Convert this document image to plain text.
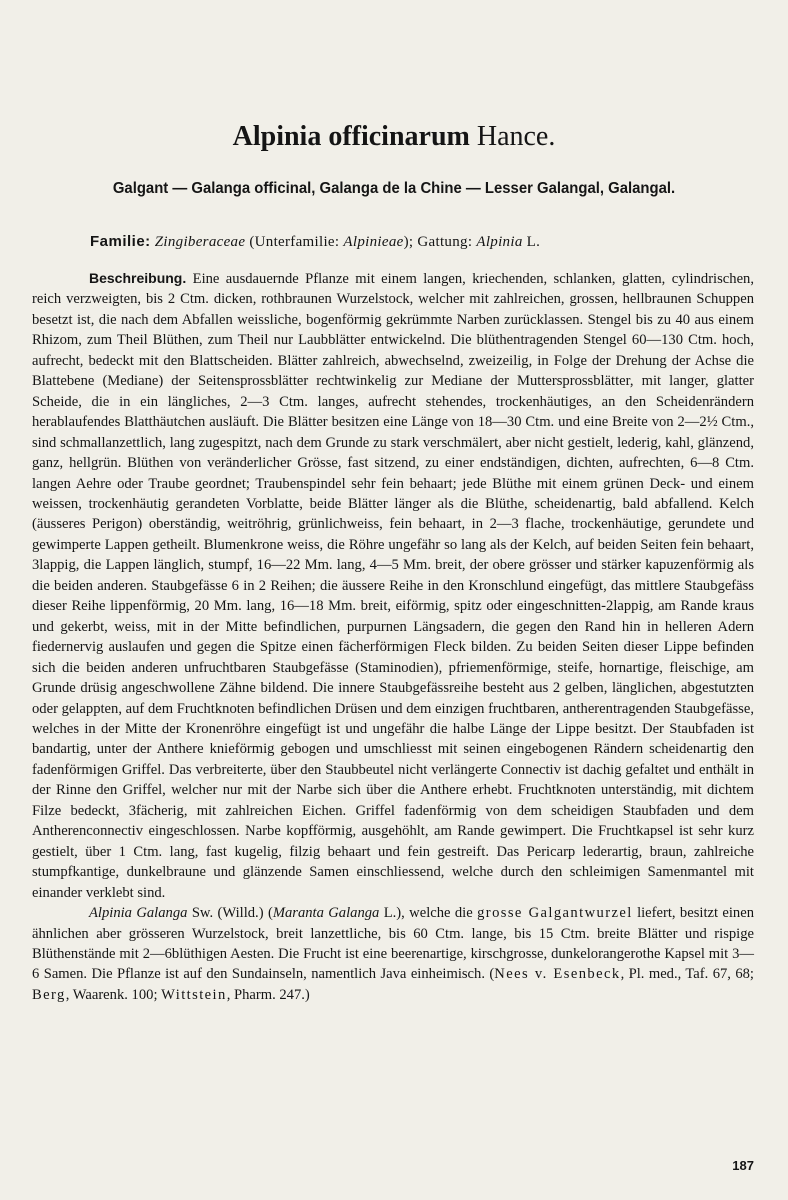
Alpinia officinarum Hance.
Galgant — Galanga officinal, Galanga de la Chine — Lesser Galangal, Galangal.
Familie: Zingiberaceae (Unterfamilie: Alpinieae); Gattung: Alpinia L.

Beschreibung. Eine ausdauernde Pflanze mit einem langen, kriechenden, schlanken, glatten, cylindrischen, reich verzweigten, bis 2 Ctm. dicken, rothbraunen Wurzelstock, welcher mit zahlreichen, grossen, hellbraunen Schuppen besetzt ist, die nach dem Abfallen weissliche, bogenförmig gekrümmte Narben zurücklassen. Stengel bis zu 40 aus einem Rhizom, zum Theil Blüthen, zum Theil nur Laubblätter entwickelnd. Die blüthentragenden Stengel 60—130 Ctm. hoch, aufrecht, bedeckt mit den Blattscheiden. Blätter zahlreich, abwechselnd, zweizeilig, in Folge der Drehung der Achse die Blattebene (Mediane) der Seitensprossblätter rechtwinkelig zur Mediane der Muttersprossblätter, mit langer, glatter Scheide, die in ein längliches, 2—3 Ctm. langes, aufrecht stehendes, trockenhäutiges, an den Scheidenrändern herablaufendes Blatthäutchen ausläuft. Die Blätter besitzen eine Länge von 18—30 Ctm. und eine Breite von 2—2½ Ctm., sind schmallanzettlich, lang zugespitzt, nach dem Grunde zu stark verschmälert, aber nicht gestielt, lederig, kahl, glänzend, ganz, hellgrün. Blüthen von veränderlicher Grösse, fast sitzend, zu einer endständigen, dichten, aufrechten, 6—8 Ctm. langen Aehre oder Traube geordnet; Traubenspindel sehr fein behaart; jede Blüthe mit einem grünen Deck- und einem weissen, trockenhäutig gerandeten Vorblatte, beide Blätter länger als die Blüthe, scheidenartig, bald abfallend. Kelch (äusseres Perigon) oberständig, weitröhrig, grünlichweiss, fein behaart, in 2—3 flache, trockenhäutige, gerundete und gewimperte Lappen getheilt. Blumenkrone weiss, die Röhre ungefähr so lang als der Kelch, auf beiden Seiten fein behaart, 3lappig, die Lappen länglich, stumpf, 16—22 Mm. lang, 4—5 Mm. breit, der obere grösser und stärker kapuzenförmig als die beiden anderen. Staubgefässe 6 in 2 Reihen; die äussere Reihe in den Kronschlund eingefügt, das mittlere Staubgefäss dieser Reihe lippenförmig, 20 Mm. lang, 16—18 Mm. breit, eiförmig, spitz oder eingeschnitten-2lappig, am Rande kraus und gekerbt, weiss, mit in der Mitte befindlichen, purpurnen Längsadern, die gegen den Rand hin in helleren Adern fiedernervig auslaufen und gegen die Spitze einen fächerförmigen Fleck bilden. Zu beiden Seiten dieser Lippe befinden sich die beiden anderen unfruchtbaren Staubgefässe (Staminodien), pfriemenförmige, steife, hornartige, fleischige, am Grunde drüsig angeschwollene Zähne bildend. Die innere Staubgefässreihe besteht aus 2 gelben, länglichen, abgestutzten oder gelappten, auf dem Fruchtknoten befindlichen Drüsen und dem einzigen fruchtbaren, antherentragenden Staubgefässe, welches in der Mitte der Kronenröhre eingefügt ist und ungefähr die halbe Länge der Lippe besitzt. Der Staubfaden ist bandartig, unter der Anthere knieförmig gebogen und umschliesst mit seinen eingebogenen Rändern scheidenartig den fadenförmigen Griffel. Das verbreiterte, über den Staubbeutel nicht verlängerte Connectiv ist dachig gefaltet und enthält in der Rinne den Griffel, welcher nur mit der Narbe sich über die Anthere erhebt. Fruchtknoten unterständig, mit dichtem Filze bedeckt, 3fächerig, mit zahlreichen Eichen. Griffel fadenförmig von dem scheidigen Staubfaden und dem Antherenconnectiv eingeschlossen. Narbe kopfförmig, ausgehöhlt, am Rande gewimpert. Die Fruchtkapsel ist sehr kurz gestielt, über 1 Ctm. lang, fast kugelig, filzig behaart und fein gestreift. Das Pericarp lederartig, braun, zahlreiche stumpfkantige, dunkelbraune und glänzende Samen einschliessend, welche durch den schleimigen Samenmantel mit einander verklebt sind.

Alpinia Galanga Sw. (Willd.) (Maranta Galanga L.), welche die grosse Galgantwurzel liefert, besitzt einen ähnlichen aber grösseren Wurzelstock, breit lanzettliche, bis 60 Ctm. lange, bis 15 Ctm. breite Blätter und rispige Blüthenstände mit 2—6blüthigen Aesten. Die Frucht ist eine beerenartige, kirschgrosse, dunkelorangerothe Kapsel mit 3—6 Samen. Die Pflanze ist auf den Sundainseln, namentlich Java einheimisch. (Nees v. Esenbeck, Pl. med., Taf. 67, 68; Berg, Waarenk. 100; Wittstein, Pharm. 247.)

187
